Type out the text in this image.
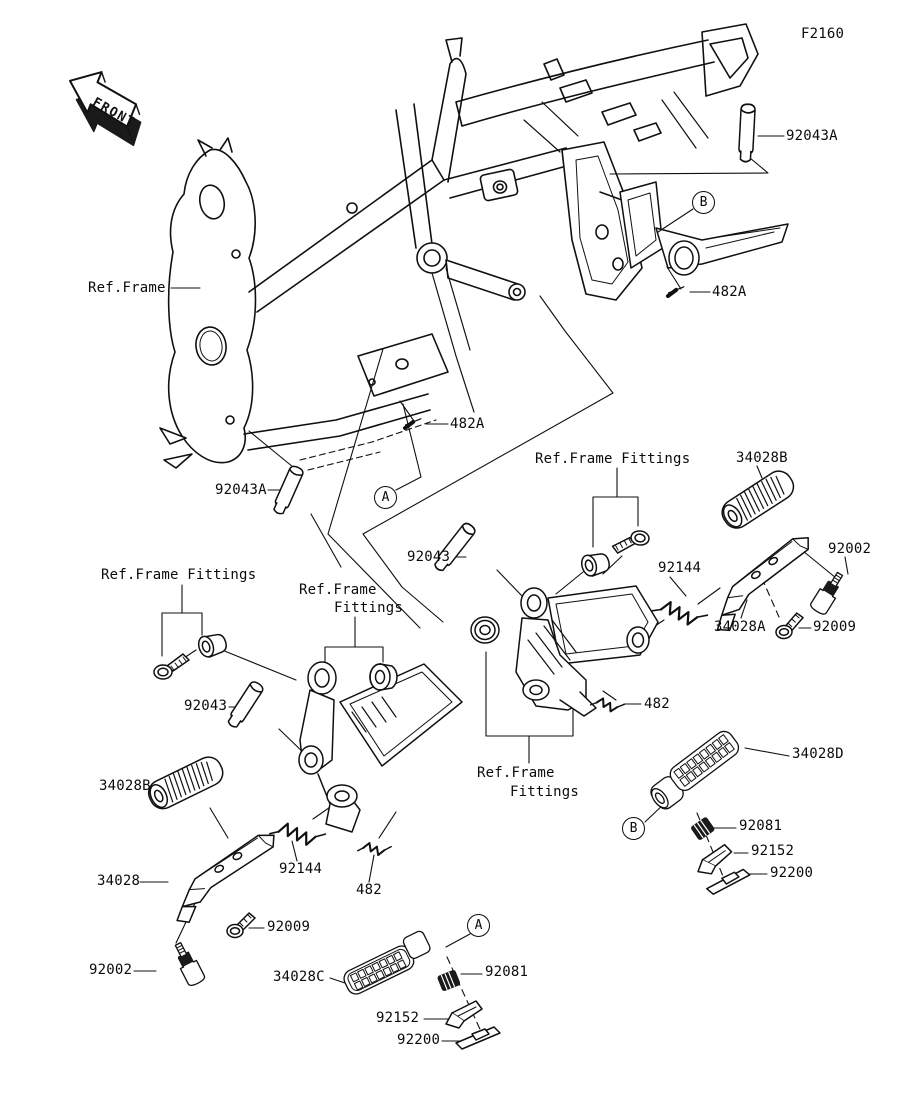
FRONT
F2160
Ref.Frame
92043A
482A
482A
92043A
Ref.Frame Fittings
92043
34028B
92002
92144
34028A	92009
482
Ref.Frame
Fittings
Ref.Frame Fittings
Ref.Frame
Fittings
92043
34028B
34028
92144
482
92009
92002	34028C	92081
92152
92200
34028D
92081
92152
92200
A
A
B
B
